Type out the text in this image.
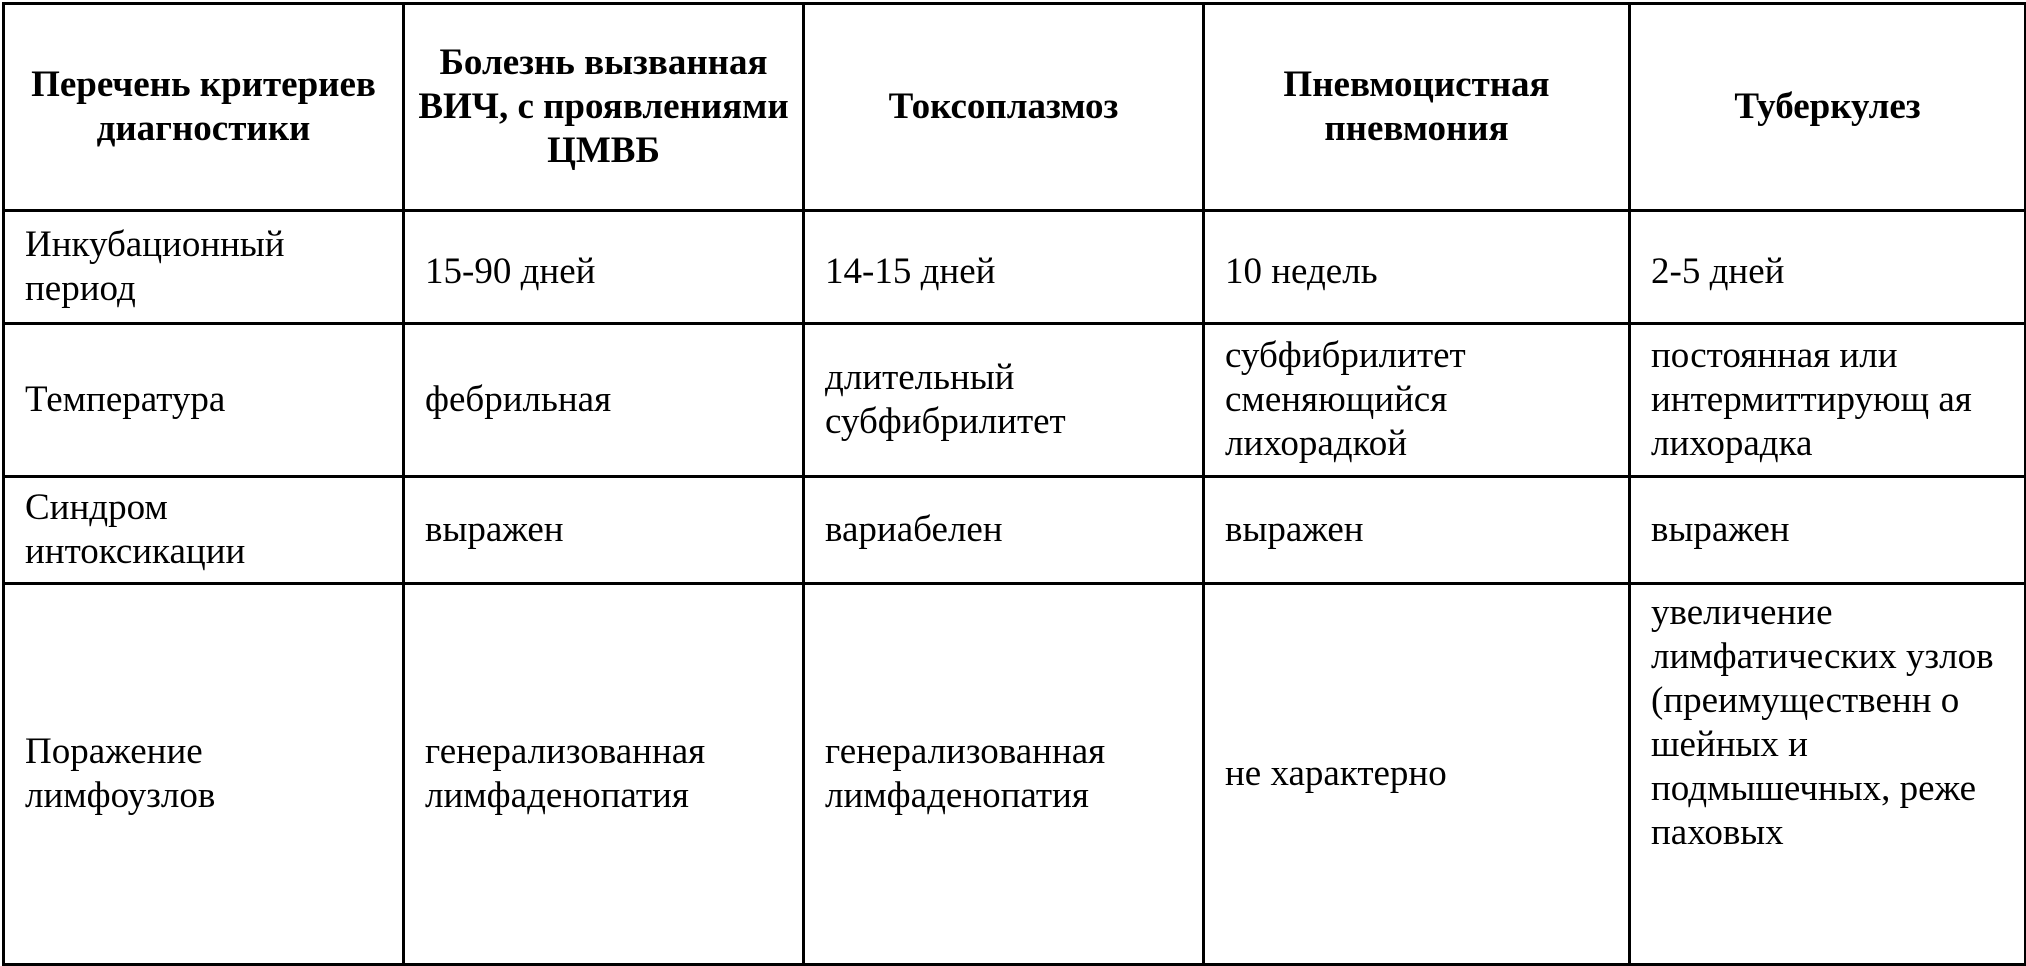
Перечень критериев диагностики	Болезнь вызванная ВИЧ, с проявлениями ЦМВБ	Токсоплазмоз	Пневмоцистная пневмония	Туберкулез

Инкубационный период	15-90 дней	14-15 дней	10 недель	2-5 дней
Температура	фебрильная	длительный субфибрилитет	субфибрилитет сменяющийся лихорадкой	постоянная или интермиттирующ ая лихорадка
Синдром интоксикации	выражен	вариабелен	выражен	выражен
Поражение лимфоузлов	генерализованная лимфаденопатия	генерализованная лимфаденопатия	не характерно	увеличение лимфатических узлов (преимущественн о шейных и подмышечных, реже паховых
